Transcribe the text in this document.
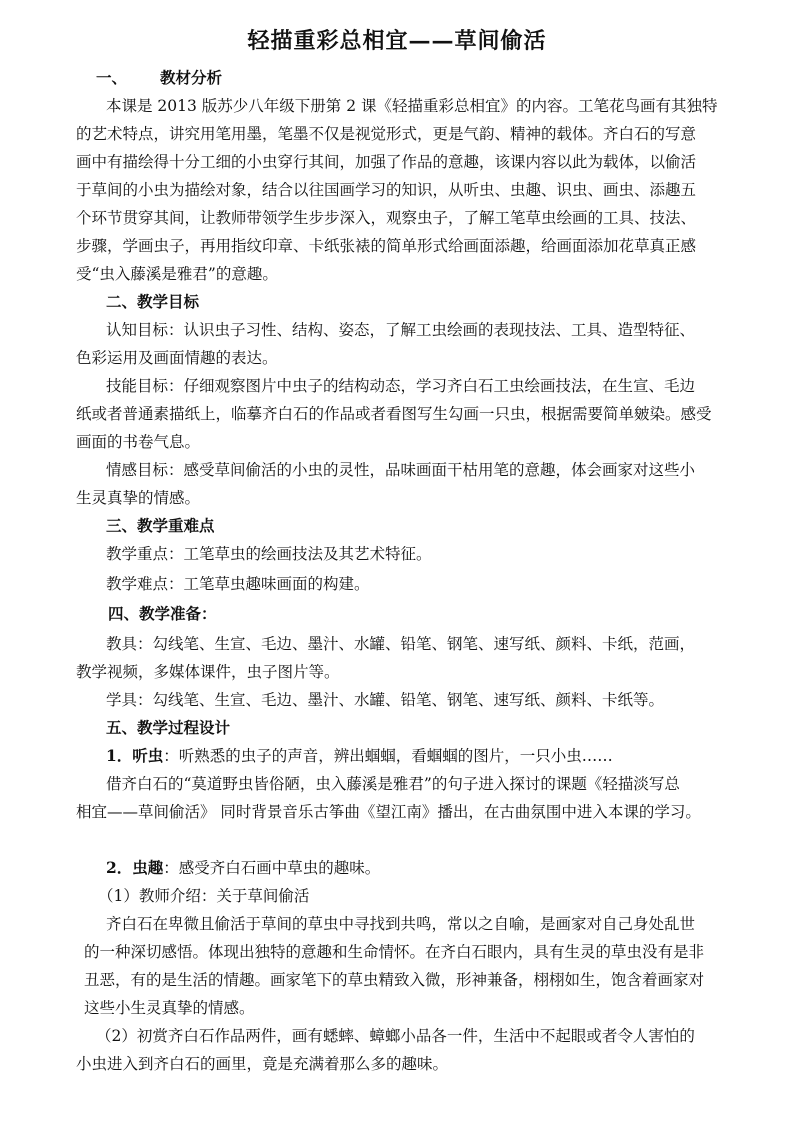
轻描重彩总相宜——草间偷活
一、 教材分析
本课是 2013 版苏少八年级下册第 2 课《轻描重彩总相宜》的内容。工笔花鸟画有其独特
的艺术特点，讲究用笔用墨，笔墨不仅是视觉形式，更是气韵、精神的载体。齐白石的写意
画中有描绘得十分工细的小虫穿行其间，加强了作品的意趣，该课内容以此为载体，以偷活
于草间的小虫为描绘对象，结合以往国画学习的知识，从听虫、虫趣、识虫、画虫、添趣五
个环节贯穿其间，让教师带领学生步步深入，观察虫子，了解工笔草虫绘画的工具、技法、
步骤，学画虫子，再用指纹印章、卡纸张裱的简单形式给画面添趣，给画面添加花草真正感
受“虫入藤溪是雅君”的意趣。
二、教学目标
认知目标：认识虫子习性、结构、姿态，了解工虫绘画的表现技法、工具、造型特征、
色彩运用及画面情趣的表达。
技能目标：仔细观察图片中虫子的结构动态，学习齐白石工虫绘画技法，在生宣、毛边
纸或者普通素描纸上，临摹齐白石的作品或者看图写生勾画一只虫，根据需要简单皴染。感受
画面的书卷气息。
情感目标：感受草间偷活的小虫的灵性，品味画面干枯用笔的意趣，体会画家对这些小
生灵真挚的情感。
三、教学重难点
教学重点：工笔草虫的绘画技法及其艺术特征。
教学难点：工笔草虫趣味画面的构建。
四、教学准备：
教具：勾线笔、生宣、毛边、墨汁、水罐、铅笔、钢笔、速写纸、颜料、卡纸，范画，
教学视频，多媒体课件，虫子图片等。
学具：勾线笔、生宣、毛边、墨汁、水罐、铅笔、钢笔、速写纸、颜料、卡纸等。
五、教学过程设计
1．听虫：听熟悉的虫子的声音，辨出蝈蝈，看蝈蝈的图片，一只小虫……
借齐白石的“莫道野虫皆俗陋，虫入藤溪是雅君”的句子进入探讨的课题《轻描淡写总
相宜——草间偷活》 同时背景音乐古筝曲《望江南》播出，在古曲氛围中进入本课的学习。
2．虫趣：感受齐白石画中草虫的趣味。
（1）教师介绍：关于草间偷活
齐白石在卑微且偷活于草间的草虫中寻找到共鸣，常以之自喻，是画家对自己身处乱世
的一种深切感悟。体现出独特的意趣和生命情怀。在齐白石眼内，具有生灵的草虫没有是非
丑恶，有的是生活的情趣。画家笔下的草虫精致入微，形神兼备，栩栩如生，饱含着画家对
这些小生灵真挚的情感。
（2）初赏齐白石作品两件，画有蟋蟀、蟑螂小品各一件，生活中不起眼或者令人害怕的
小虫进入到齐白石的画里，竟是充满着那么多的趣味。
